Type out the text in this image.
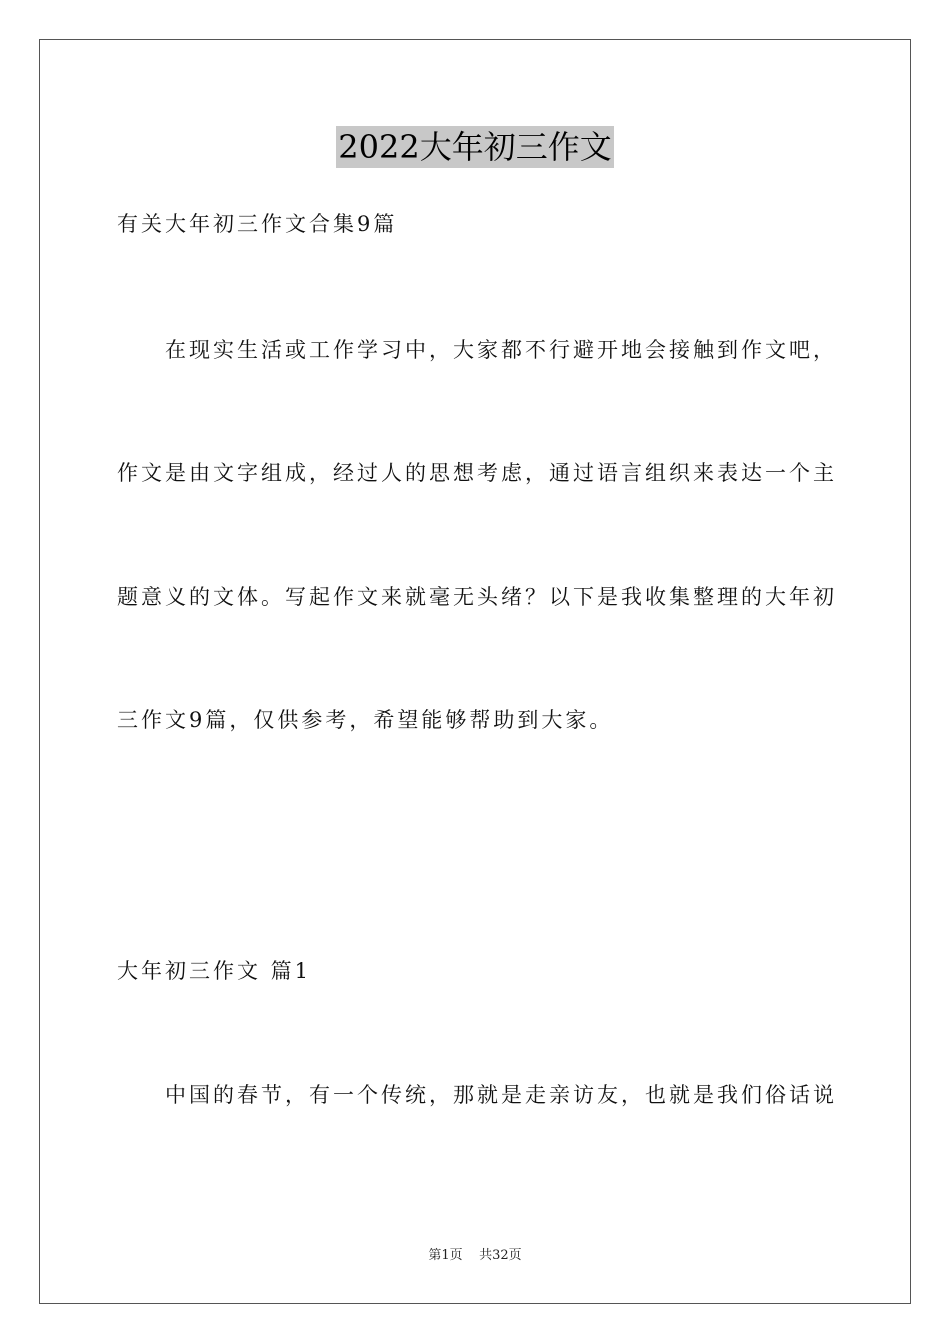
2022大年初三作文
有关大年初三作文合集9篇
在现实生活或工作学习中，大家都不行避开地会接触到作文吧，
作文是由文字组成，经过人的思想考虑，通过语言组织来表达一个主
题意义的文体。写起作文来就毫无头绪？以下是我收集整理的大年初
三作文9篇，仅供参考，希望能够帮助到大家。
大年初三作文 篇1
中国的春节，有一个传统，那就是走亲访友，也就是我们俗话说
第1页    共32页
